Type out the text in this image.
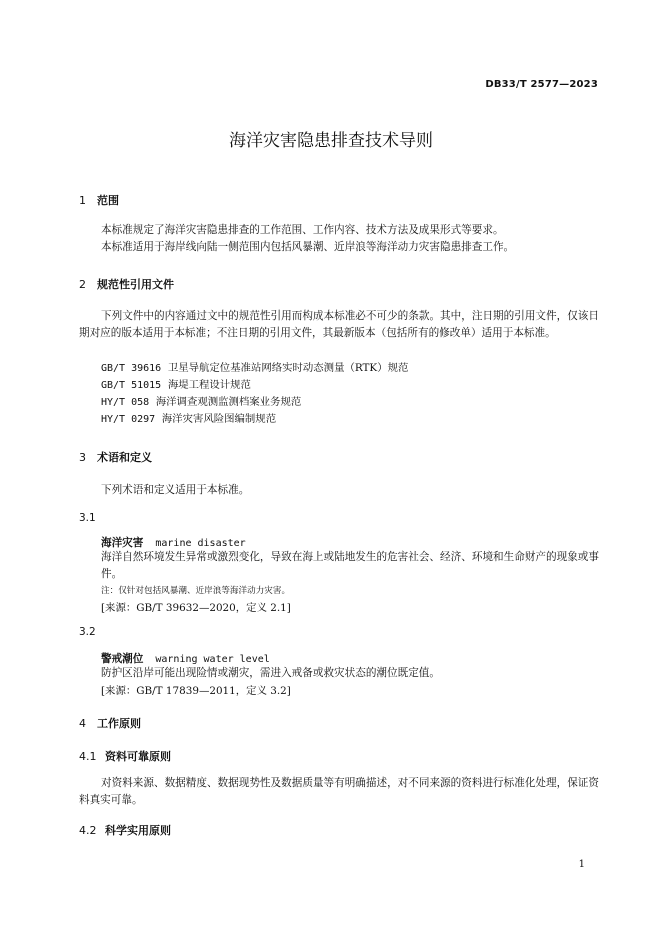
DB33/T 2577—2023
海洋灾害隐患排查技术导则
1 范围
本标准规定了海洋灾害隐患排查的工作范围、工作内容、技术方法及成果形式等要求。
本标准适用于海岸线向陆一侧范围内包括风暴潮、近岸浪等海洋动力灾害隐患排查工作。
2 规范性引用文件
下列文件中的内容通过文中的规范性引用而构成本标准必不可少的条款。其中，注日期的引用文件，仅该日期对应的版本适用于本标准；不注日期的引用文件，其最新版本（包括所有的修改单）适用于本标准。
GB/T 39616 卫星导航定位基准站网络实时动态测量（RTK）规范
GB/T 51015 海堤工程设计规范
HY/T 058 海洋调查观测监测档案业务规范
HY/T 0297 海洋灾害风险图编制规范
3 术语和定义
下列术语和定义适用于本标准。
3.1
海洋灾害 marine disaster
海洋自然环境发生异常或激烈变化，导致在海上或陆地发生的危害社会、经济、环境和生命财产的现象或事件。
注：仅针对包括风暴潮、近岸浪等海洋动力灾害。
[来源：GB/T 39632—2020，定义 2.1]
3.2
警戒潮位 warning water level
防护区沿岸可能出现险情或潮灾，需进入戒备或救灾状态的潮位既定值。
[来源：GB/T 17839—2011，定义 3.2]
4 工作原则
4.1 资料可靠原则
对资料来源、数据精度、数据现势性及数据质量等有明确描述，对不同来源的资料进行标准化处理，保证资料真实可靠。
4.2 科学实用原则
1
